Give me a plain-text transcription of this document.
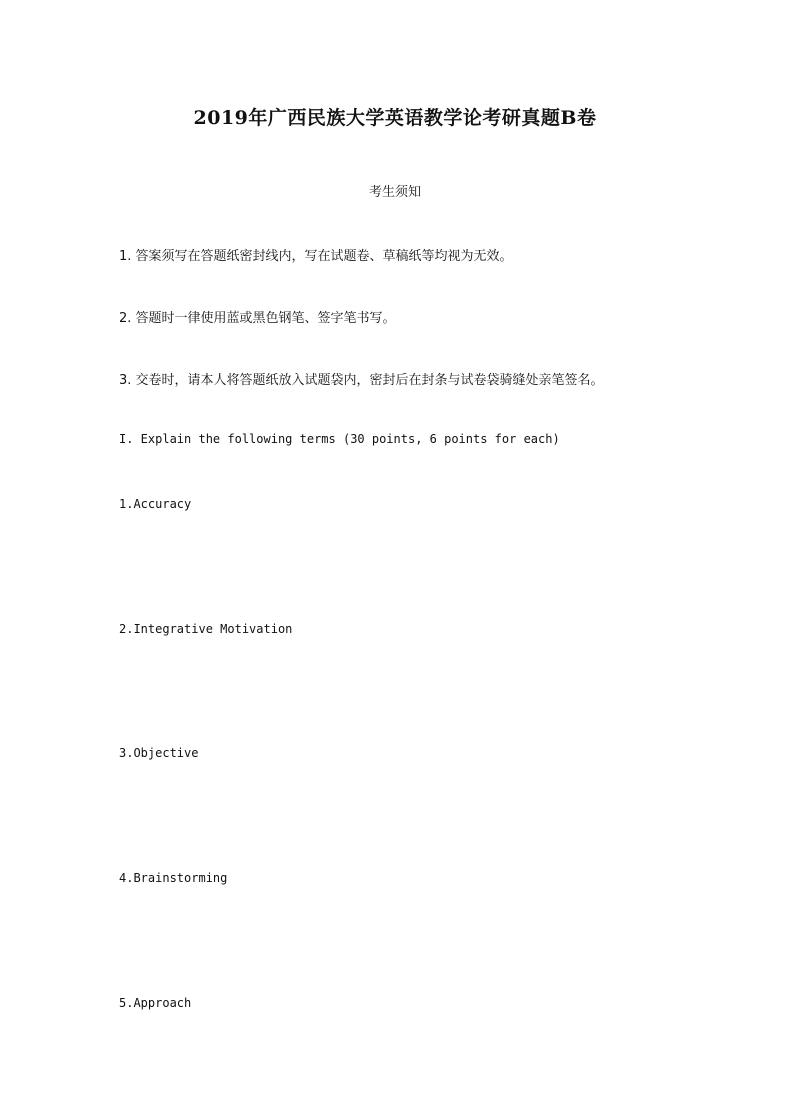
2019年广西民族大学英语教学论考研真题B卷
考生须知
1. 答案须写在答题纸密封线内，写在试题卷、草稿纸等均视为无效。
2. 答题时一律使用蓝或黑色钢笔、签字笔书写。
3. 交卷时，请本人将答题纸放入试题袋内，密封后在封条与试卷袋骑缝处亲笔签名。
I. Explain the following terms (30 points, 6 points for each)
1.Accuracy
2.Integrative Motivation
3.Objective
4.Brainstorming
5.Approach
